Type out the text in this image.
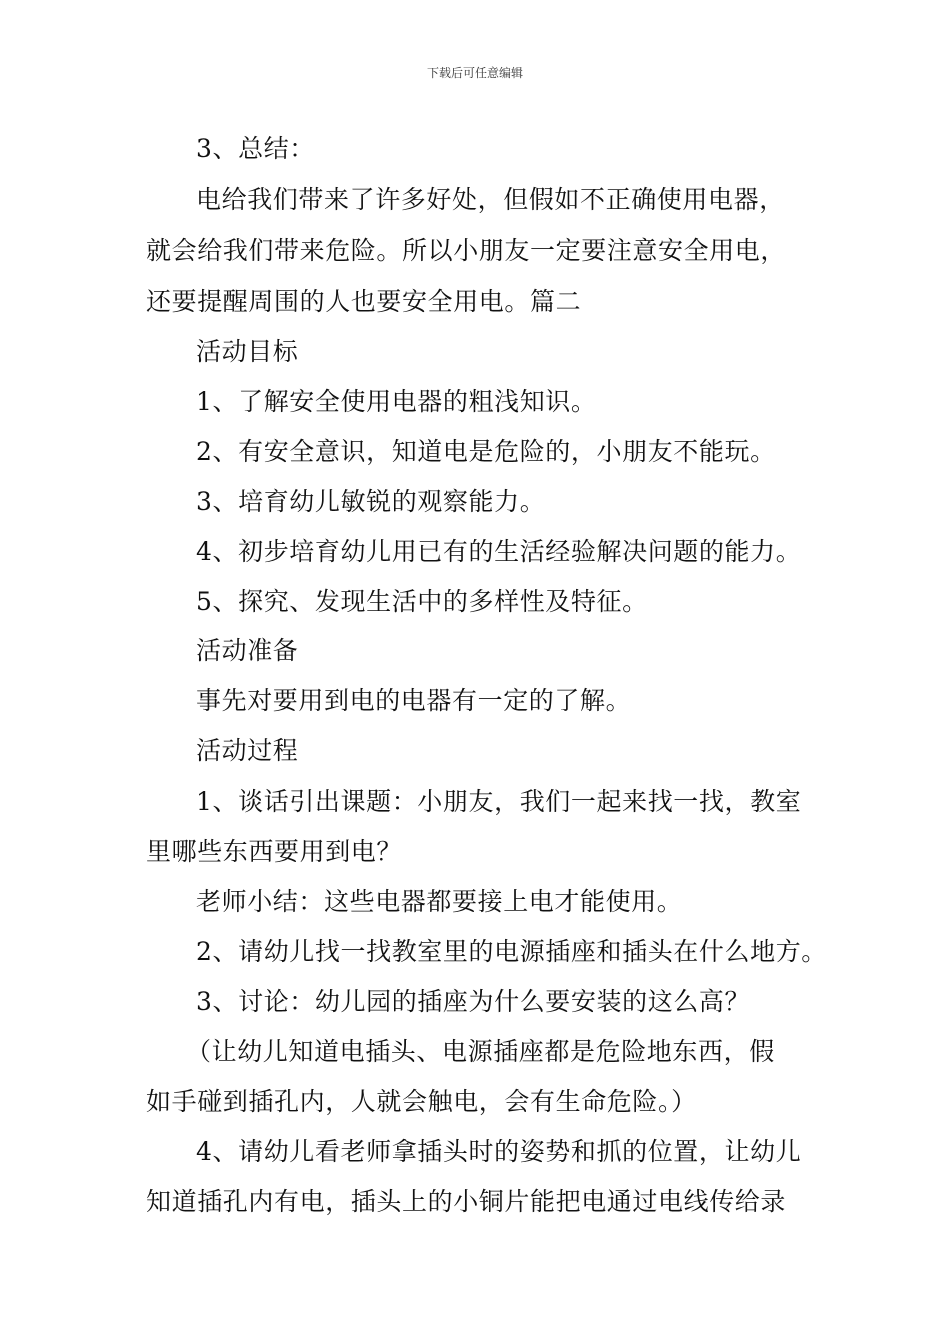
下载后可任意编辑
3、总结：
电给我们带来了许多好处，但假如不正确使用电器，
就会给我们带来危险。所以小朋友一定要注意安全用电，
还要提醒周围的人也要安全用电。篇二
活动目标
1、了解安全使用电器的粗浅知识。
2、有安全意识，知道电是危险的，小朋友不能玩。
3、培育幼儿敏锐的观察能力。
4、初步培育幼儿用已有的生活经验解决问题的能力。
5、探究、发现生活中的多样性及特征。
活动准备
事先对要用到电的电器有一定的了解。
活动过程
1、谈话引出课题：小朋友，我们一起来找一找，教室
里哪些东西要用到电？
老师小结：这些电器都要接上电才能使用。
2、请幼儿找一找教室里的电源插座和插头在什么地方。
3、讨论：幼儿园的插座为什么要安装的这么高？
（让幼儿知道电插头、电源插座都是危险地东西，假
如手碰到插孔内，人就会触电，会有生命危险。）
4、请幼儿看老师拿插头时的姿势和抓的位置，让幼儿
知道插孔内有电，插头上的小铜片能把电通过电线传给录
